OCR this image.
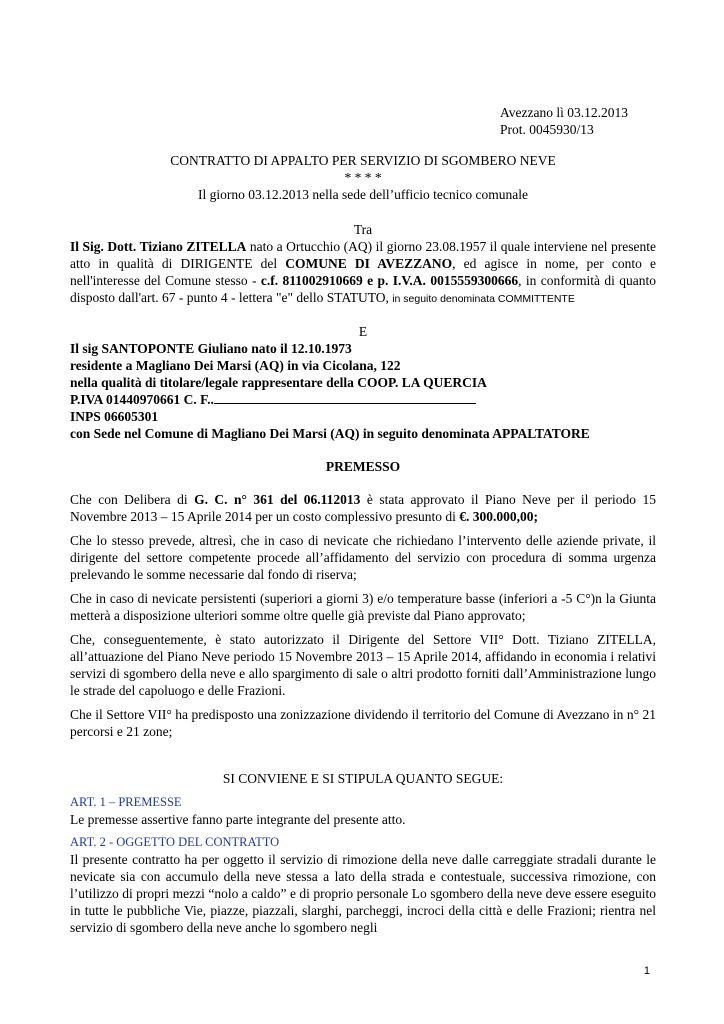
Avezzano lì 03.12.2013
Prot. 0045930/13
CONTRATTO DI APPALTO PER SERVIZIO DI SGOMBERO NEVE
* * * *
Il giorno 03.12.2013 nella sede dell’ufficio tecnico comunale
Tra

Il Sig. Dott. Tiziano ZITELLA nato a Ortucchio (AQ) il giorno 23.08.1957 il quale interviene nel presente atto in qualità di DIRIGENTE del COMUNE DI AVEZZANO, ed agisce in nome, per conto e nell'interesse del Comune stesso - c.f. 811002910669 e p. I.V.A. 0015559300666, in conformità di quanto disposto dall'art. 67 - punto 4 - lettera "e" dello STATUTO, in seguito denominata COMMITTENTE

E
Il sig SANTOPONTE Giuliano nato il 12.10.1973
residente a Magliano Dei Marsi (AQ) in via Cicolana, 122
nella qualità di titolare/legale rappresentare della COOP. LA QUERCIA
P.IVA 01440970661 C. F..
INPS 06605301
con Sede nel Comune di Magliano Dei Marsi (AQ) in seguito denominata APPALTATORE
PREMESSO

Che con Delibera di G. C. n° 361 del 06.112013 è stata approvato il Piano Neve per il periodo 15 Novembre 2013 – 15 Aprile 2014 per un costo complessivo presunto di €. 300.000,00;

Che lo stesso prevede, altresì, che in caso di nevicate che richiedano l’intervento delle aziende private, il dirigente del settore competente procede all’affidamento del servizio con procedura di somma urgenza prelevando le somme necessarie dal fondo di riserva;

Che in caso di nevicate persistenti (superiori a giorni 3) e/o temperature basse (inferiori a -5 C°)n la Giunta metterà a disposizione ulteriori somme oltre quelle già previste dal Piano approvato;

Che, conseguentemente, è stato autorizzato il Dirigente del Settore VII° Dott. Tiziano ZITELLA, all’attuazione del Piano Neve periodo 15 Novembre 2013 – 15 Aprile 2014, affidando in economia i relativi servizi di sgombero della neve e allo spargimento di sale o altri prodotto forniti dall’Amministrazione lungo le strade del capoluogo e delle Frazioni.

Che il Settore VII° ha predisposto una zonizzazione dividendo il territorio del Comune di Avezzano in n° 21 percorsi e 21 zone;

SI CONVIENE E SI STIPULA QUANTO SEGUE:
ART. 1 – PREMESSE
Le premesse assertive fanno parte integrante del presente atto.
ART. 2 - OGGETTO DEL CONTRATTO

Il presente contratto ha per oggetto il servizio di rimozione della neve dalle carreggiate stradali durante le nevicate sia con accumulo della neve stessa a lato della strada e contestuale, successiva rimozione, con l’utilizzo di propri mezzi “nolo a caldo” e di proprio personale Lo sgombero della neve deve essere eseguito in tutte le pubbliche Vie, piazze, piazzali, slarghi, parcheggi, incroci della città e delle Frazioni; rientra nel servizio di sgombero della neve anche lo sgombero negli

1
